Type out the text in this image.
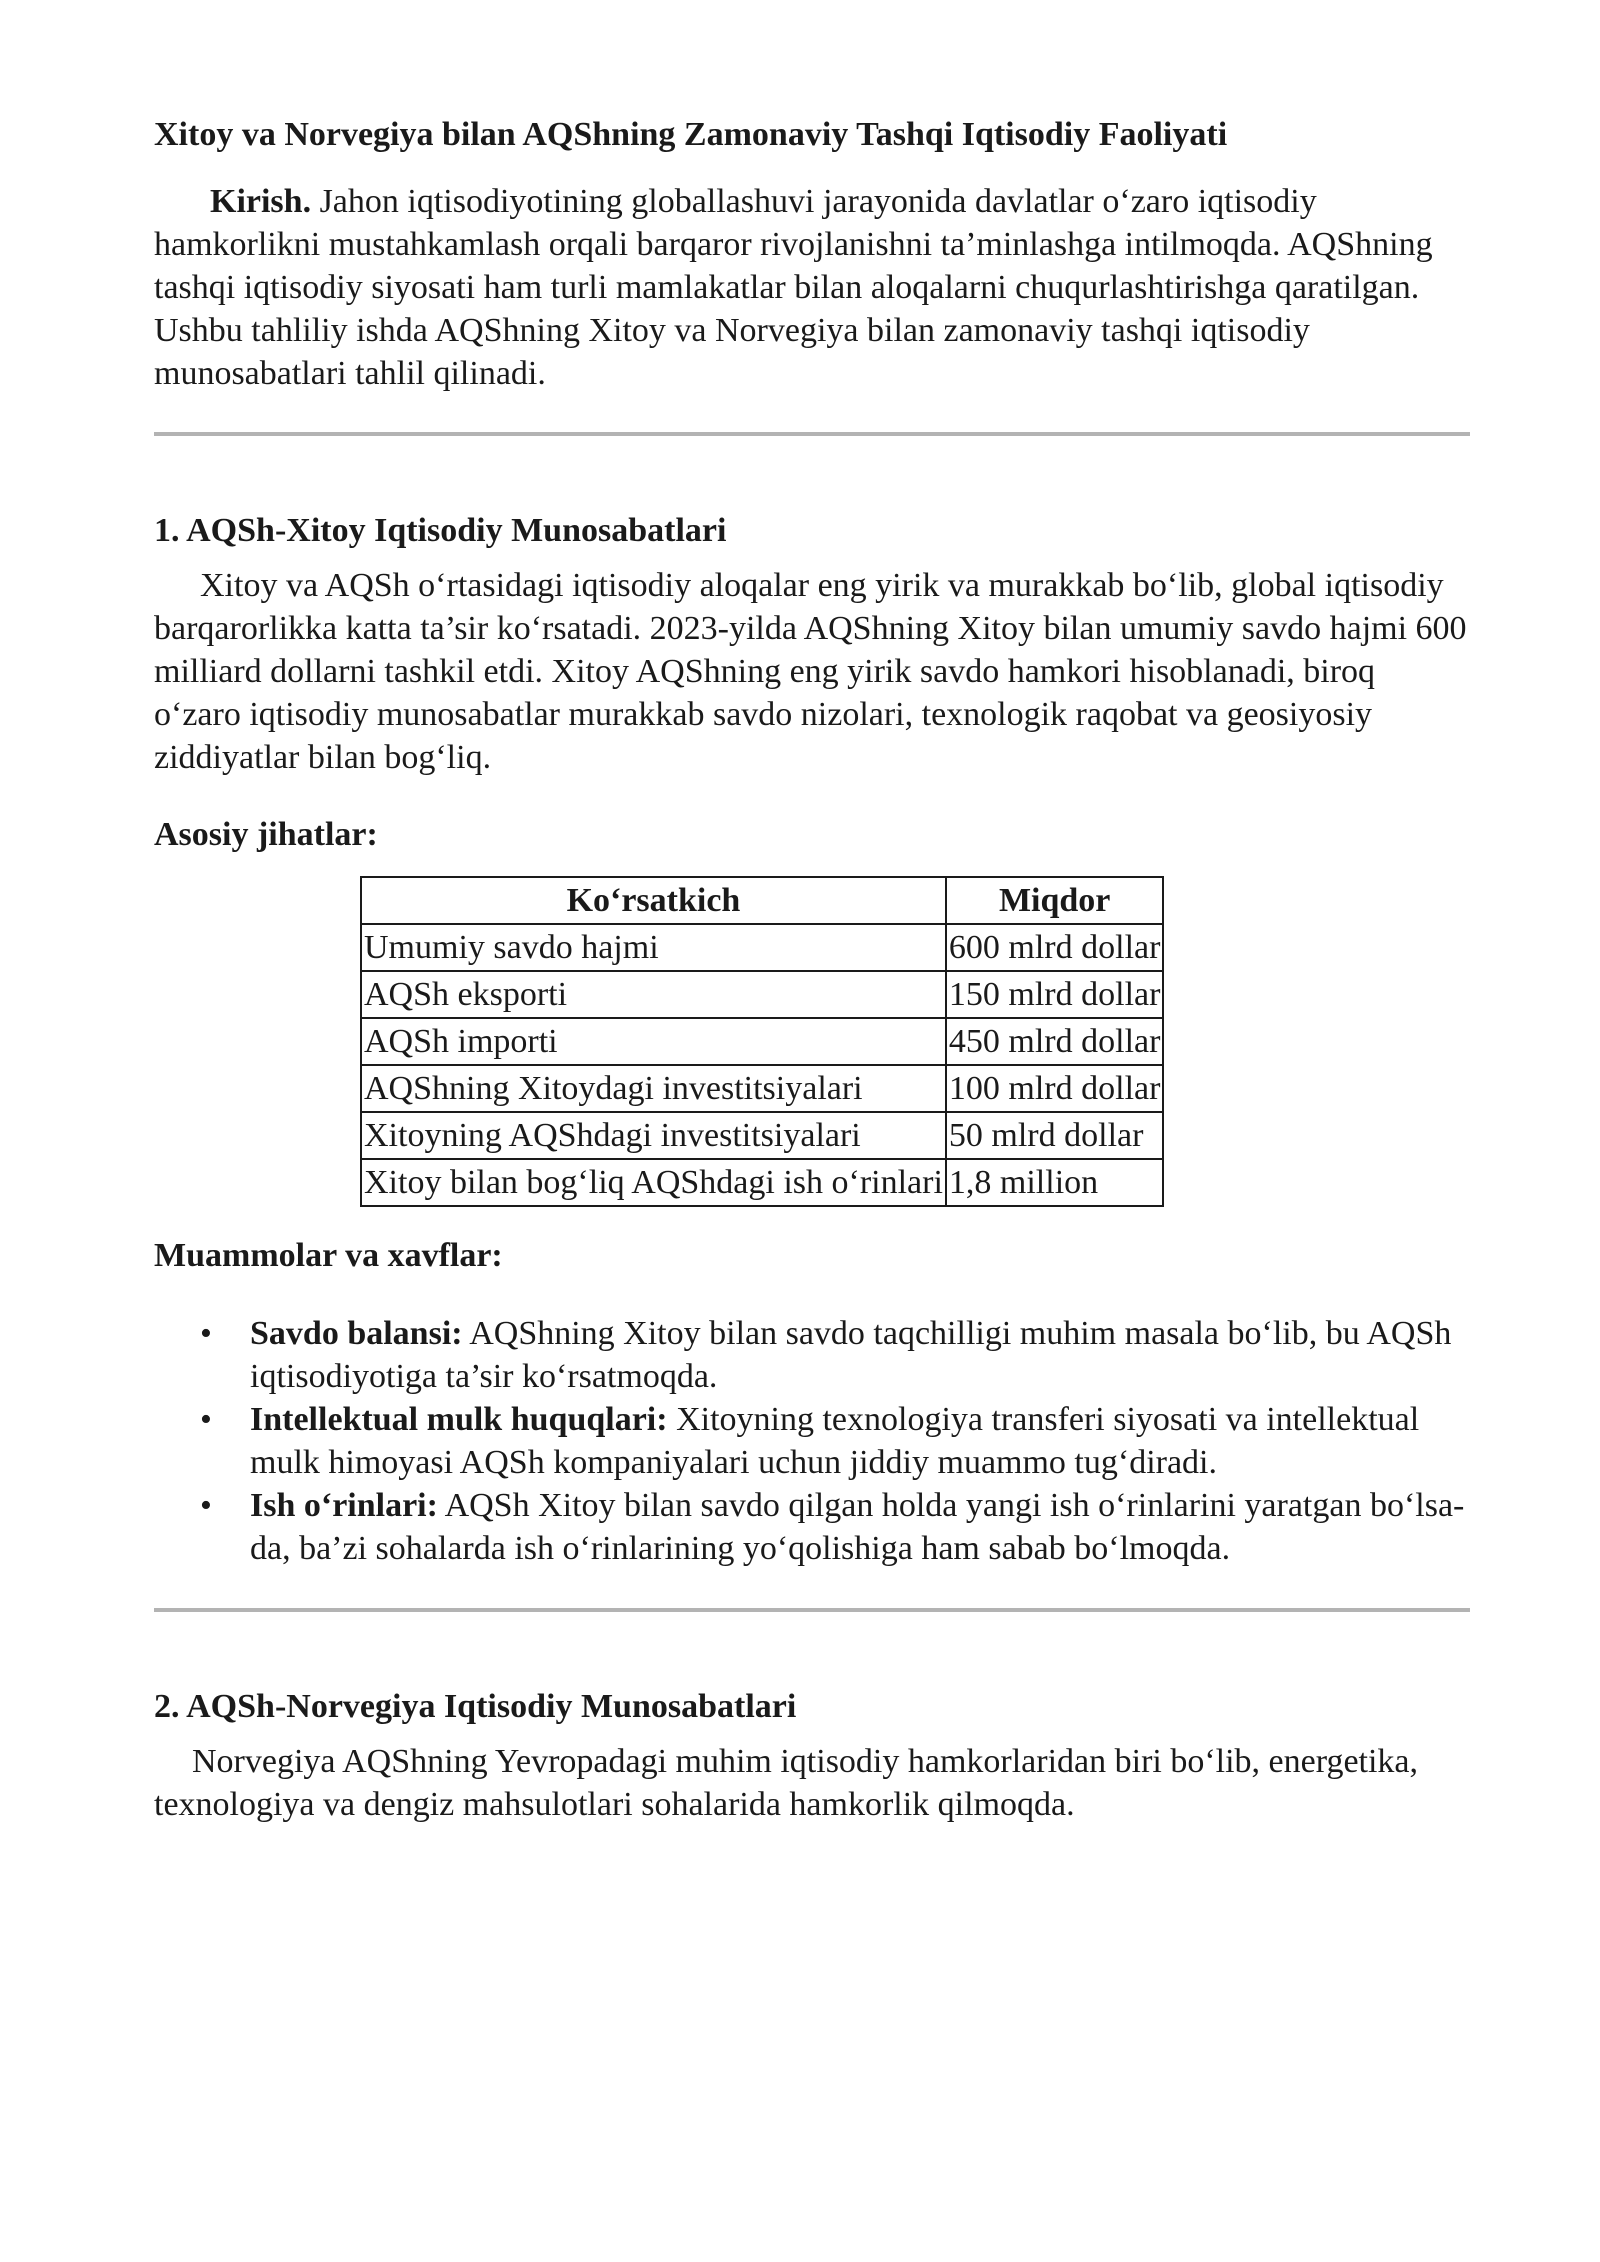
Xitoy va Norvegiya bilan AQShning Zamonaviy Tashqi Iqtisodiy Faoliyati

Kirish. Jahon iqtisodiyotining globallashuvi jarayonida davlatlar o‘zaro iqtisodiy hamkorlikni mustahkamlash orqali barqaror rivojlanishni ta’minlashga intilmoqda. AQShning tashqi iqtisodiy siyosati ham turli mamlakatlar bilan aloqalarni chuqurlashtirishga qaratilgan. Ushbu tahliliy ishda AQShning Xitoy va Norvegiya bilan zamonaviy tashqi iqtisodiy munosabatlari tahlil qilinadi.

1. AQSh-Xitoy Iqtisodiy Munosabatlari

Xitoy va AQSh o‘rtasidagi iqtisodiy aloqalar eng yirik va murakkab bo‘lib, global iqtisodiy barqarorlikka katta ta’sir ko‘rsatadi. 2023-yilda AQShning Xitoy bilan umumiy savdo hajmi 600 milliard dollarni tashkil etdi. Xitoy AQShning eng yirik savdo hamkori hisoblanadi, biroq o‘zaro iqtisodiy munosabatlar murakkab savdo nizolari, texnologik raqobat va geosiyosiy ziddiyatlar bilan bog‘liq.

Asosiy jihatlar:
Ko‘rsatkich	Miqdor
Umumiy savdo hajmi	600 mlrd dollar
AQSh eksporti	150 mlrd dollar
AQSh importi	450 mlrd dollar
AQShning Xitoydagi investitsiyalari	100 mlrd dollar
Xitoyning AQShdagi investitsiyalari	50 mlrd dollar
Xitoy bilan bog‘liq AQShdagi ish o‘rinlari	1,8 million
Muammolar va xavflar:
• Savdo balansi: AQShning Xitoy bilan savdo taqchilligi muhim masala bo‘lib, bu AQSh iqtisodiyotiga ta’sir ko‘rsatmoqda.
• Intellektual mulk huquqlari: Xitoyning texnologiya transferi siyosati va intellektual mulk himoyasi AQSh kompaniyalari uchun jiddiy muammo tug‘diradi.
• Ish o‘rinlari: AQSh Xitoy bilan savdo qilgan holda yangi ish o‘rinlarini yaratgan bo‘lsa-da, ba’zi sohalarda ish o‘rinlarining yo‘qolishiga ham sabab bo‘lmoqda.
2. AQSh-Norvegiya Iqtisodiy Munosabatlari

Norvegiya AQShning Yevropadagi muhim iqtisodiy hamkorlaridan biri bo‘lib, energetika, texnologiya va dengiz mahsulotlari sohalarida hamkorlik qilmoqda.
